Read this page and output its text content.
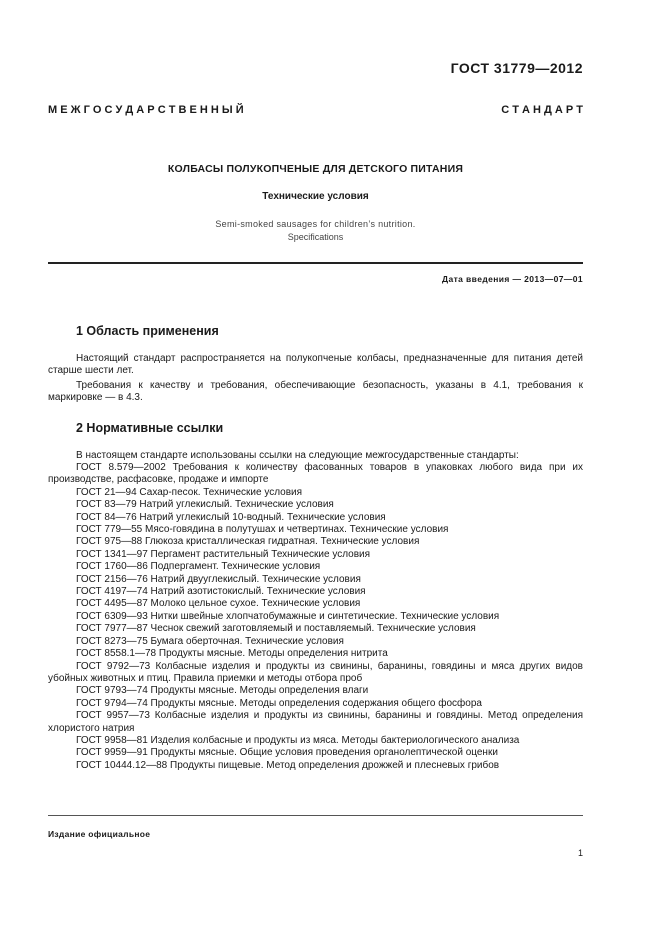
ГОСТ 31779—2012
М Е Ж Г О С У Д А Р С Т В Е Н Н Ы Й	С Т А Н Д А Р Т
КОЛБАСЫ ПОЛУКОПЧЕНЫЕ ДЛЯ ДЕТСКОГО ПИТАНИЯ
Технические условия
Semi-smoked sausages for children’s nutrition.
Specifications
Дата введения — 2013—07—01
1 Область применения
Настоящий стандарт распространяется на полукопченые колбасы, предназначенные для питания детей старше шести лет.
Требования к качеству и требования, обеспечивающие безопасность, указаны в 4.1, требования к маркировке — в 4.3.
2 Нормативные ссылки
В настоящем стандарте использованы ссылки на следующие межгосударственные стандарты:
ГОСТ 8.579—2002 Требования к количеству фасованных товаров в упаковках любого вида при их производстве, расфасовке, продаже и импорте
ГОСТ 21—94 Сахар-песок. Технические условия
ГОСТ 83—79 Натрий углекислый. Технические условия
ГОСТ 84—76 Натрий углекислый 10-водный. Технические условия
ГОСТ 779—55 Мясо-говядина в полутушах и четвертинах. Технические условия
ГОСТ 975—88 Глюкоза кристаллическая гидратная. Технические условия
ГОСТ 1341—97 Пергамент растительный Технические условия
ГОСТ 1760—86 Подпергамент. Технические условия
ГОСТ 2156—76 Натрий двууглекислый. Технические условия
ГОСТ 4197—74 Натрий азотистокислый. Технические условия
ГОСТ 4495—87 Молоко цельное сухое. Технические условия
ГОСТ 6309—93 Нитки швейные хлопчатобумажные и синтетические. Технические условия
ГОСТ 7977—87 Чеснок свежий заготовляемый и поставляемый. Технические условия
ГОСТ 8273—75 Бумага оберточная. Технические условия
ГОСТ 8558.1—78 Продукты мясные. Методы определения нитрита
ГОСТ 9792—73 Колбасные изделия и продукты из свинины, баранины, говядины и мяса других видов убойных животных и птиц. Правила приемки и методы отбора проб
ГОСТ 9793—74 Продукты мясные. Методы определения влаги
ГОСТ 9794—74 Продукты мясные. Методы определения содержания общего фосфора
ГОСТ 9957—73 Колбасные изделия и продукты из свинины, баранины и говядины. Метод определения хлористого натрия
ГОСТ 9958—81 Изделия колбасные и продукты из мяса. Методы бактериологического анализа
ГОСТ 9959—91 Продукты мясные. Общие условия проведения органолептической оценки
ГОСТ 10444.12—88 Продукты пищевые. Метод определения дрожжей и плесневых грибов
Издание официальное
1
